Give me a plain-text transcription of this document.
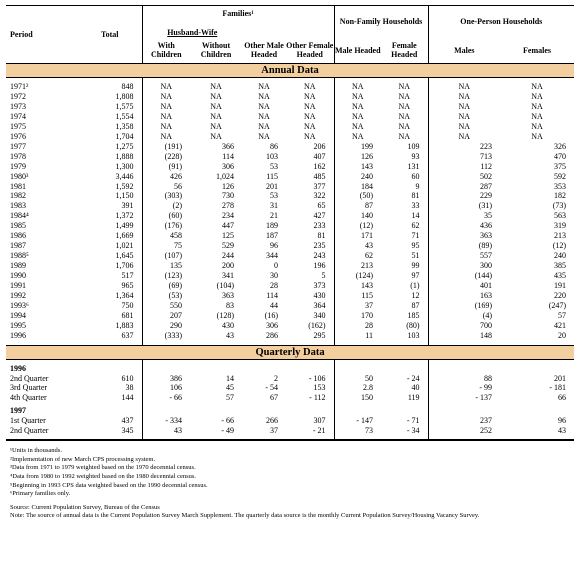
Period	Total	Families¹				Non-Family Households		One-Person Households	
		Husband-Wife							
		With Children	Without Children	Other Male Headed	Other Female Headed	Male Headed	Female Headed	Males	Females
Annual Data									

1971²	848	NA	NA	NA	NA	NA	NA	NA	NA
1972	1,808	NA	NA	NA	NA	NA	NA	NA	NA
1973	1,575	NA	NA	NA	NA	NA	NA	NA	NA
1974	1,554	NA	NA	NA	NA	NA	NA	NA	NA
1975	1,358	NA	NA	NA	NA	NA	NA	NA	NA
1976	1,704	NA	NA	NA	NA	NA	NA	NA	NA
1977	1,275	(191)	366	86	206	199	109	223	326
1978	1,888	(228)	114	103	407	126	93	713	470
1979	1,300	(91)	306	53	162	143	131	112	375
1980³	3,446	426	1,024	115	485	240	60	502	592
1981	1,592	56	126	201	377	184	9	287	353
1982	1,150	(303)	730	53	322	(50)	81	229	182
1983	391	(2)	278	31	65	87	33	(31)	(73)
1984⁴	1,372	(60)	234	21	427	140	14	35	563
1985	1,499	(176)	447	189	233	(12)	62	436	319
1986	1,669	458	125	187	81	171	71	363	213
1987	1,021	75	529	96	235	43	95	(89)	(12)
1988⁵	1,645	(107)	244	344	243	62	51	557	240
1989	1,706	135	200	0	196	213	99	300	385
1990	517	(123)	341	30	5	(124)	97	(144)	435
1991	965	(69)	(104)	28	373	143	(1)	401	191
1992	1,364	(53)	363	114	430	115	12	163	220
1993⁶	750	550	83	44	364	37	87	(169)	(247)
1994	681	207	(128)	(16)	340	170	185	(4)	57
1995	1,883	290	430	306	(162)	28	(80)	700	421
1996	637	(333)	43	286	295	11	103	148	20

Quarterly Data									

1996									
2nd Quarter	610	386	14	2	- 106	50	- 24	88	201
3rd Quarter	38	106	45	- 54	153	2.8	40	- 99	- 181
4th Quarter	144	- 66	57	67	- 112	150	119	- 137	66

1997									
1st Quarter	437	- 334	- 66	266	307	- 147	- 71	237	96
2nd Quarter	345	43	- 49	37	- 21	73	- 34	252	43

¹Units in thousands.

²Implementation of new March CPS processing system.

³Data from 1971 to 1979 weighted based on the 1970 decennial census.

⁴Data from 1980 to 1992 weighted based on the 1980 decennial census.

⁵Beginning in 1993 CPS data weighted based on the 1990 decennial census.

⁶Primary families only.

Source: Current Population Survey, Bureau of the Census

Note: The source of annual data is the Current Population Survey March Supplement. The quarterly data source is the monthly Current Population Survey/Housing Vacancy Survey.
